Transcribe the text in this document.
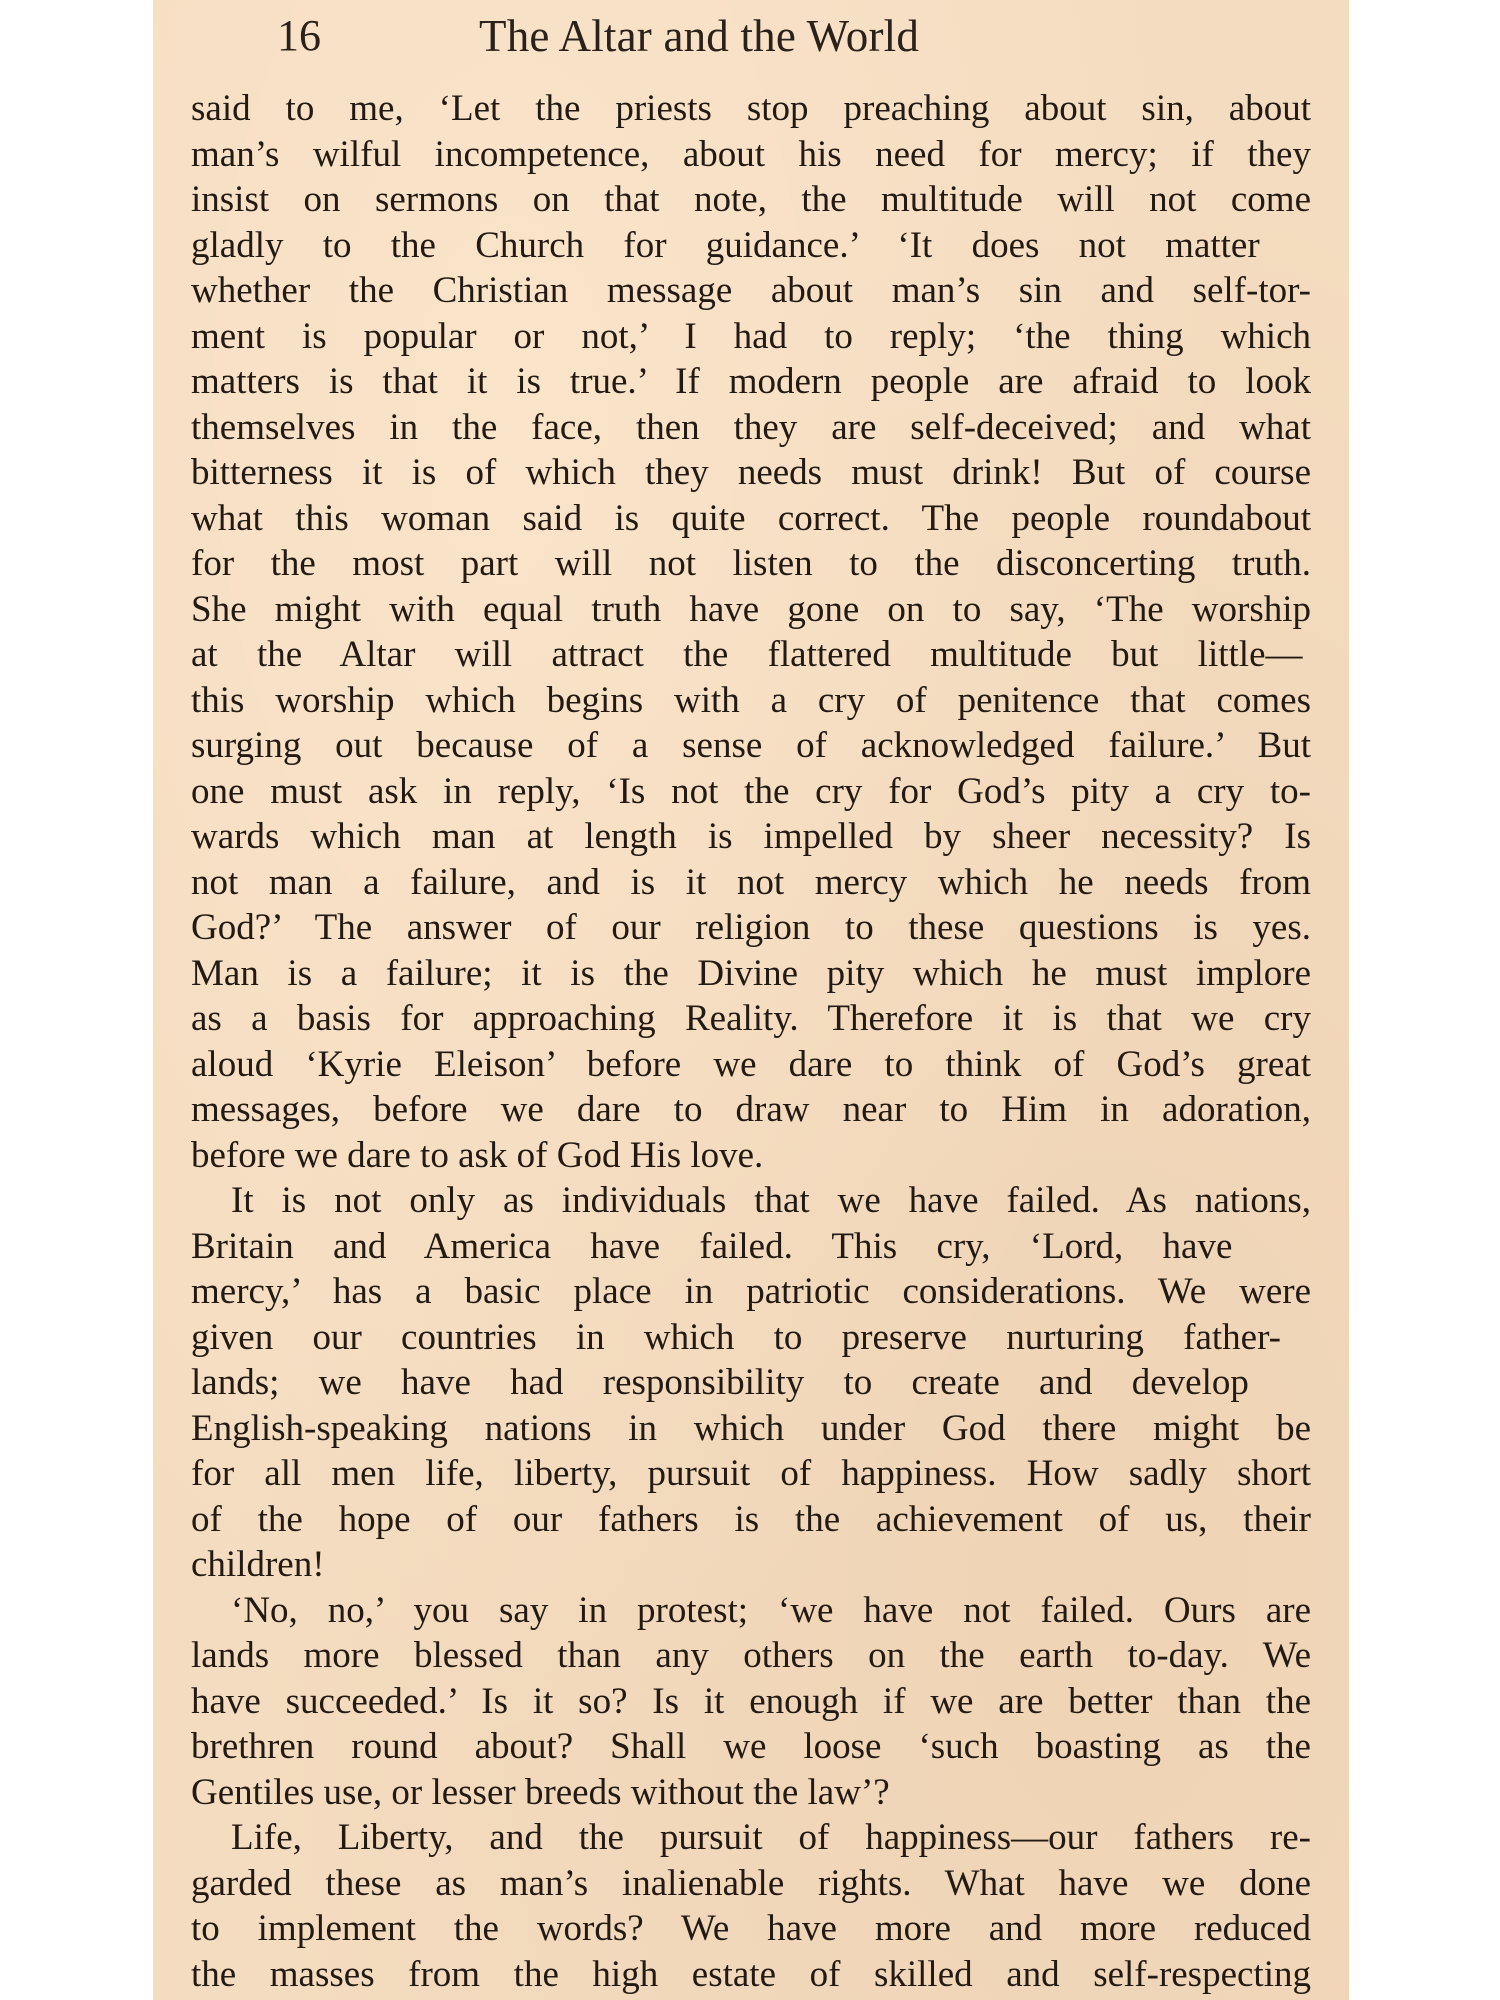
16	The Altar and the World
said to me, ‘Let the priests stop preaching about sin, about
man’s wilful incompetence, about his need for mercy; if they
insist on sermons on that note, the multitude will not come
gladly to the Church for guidance.’ ‘It does not matter
whether the Christian message about man’s sin and self-tor-
ment is popular or not,’ I had to reply; ‘the thing which
matters is that it is true.’ If modern people are afraid to look
themselves in the face, then they are self-deceived; and what
bitterness it is of which they needs must drink! But of course
what this woman said is quite correct. The people roundabout
for the most part will not listen to the disconcerting truth.
She might with equal truth have gone on to say, ‘The worship
at the Altar will attract the flattered multitude but little—
this worship which begins with a cry of penitence that comes
surging out because of a sense of acknowledged failure.’ But
one must ask in reply, ‘Is not the cry for God’s pity a cry to-
wards which man at length is impelled by sheer necessity? Is
not man a failure, and is it not mercy which he needs from
God?’ The answer of our religion to these questions is yes.
Man is a failure; it is the Divine pity which he must implore
as a basis for approaching Reality. Therefore it is that we cry
aloud ‘Kyrie Eleison’ before we dare to think of God’s great
messages, before we dare to draw near to Him in adoration,
before we dare to ask of God His love.
It is not only as individuals that we have failed. As nations,
Britain and America have failed. This cry, ‘Lord, have
mercy,’ has a basic place in patriotic considerations. We were
given our countries in which to preserve nurturing father-
lands; we have had responsibility to create and develop
English-speaking nations in which under God there might be
for all men life, liberty, pursuit of happiness. How sadly short
of the hope of our fathers is the achievement of us, their
children!
‘No, no,’ you say in protest; ‘we have not failed. Ours are
lands more blessed than any others on the earth to-day. We
have succeeded.’ Is it so? Is it enough if we are better than the
brethren round about? Shall we loose ‘such boasting as the
Gentiles use, or lesser breeds without the law’?
Life, Liberty, and the pursuit of happiness—our fathers re-
garded these as man’s inalienable rights. What have we done
to implement the words? We have more and more reduced
the masses from the high estate of skilled and self-respecting
